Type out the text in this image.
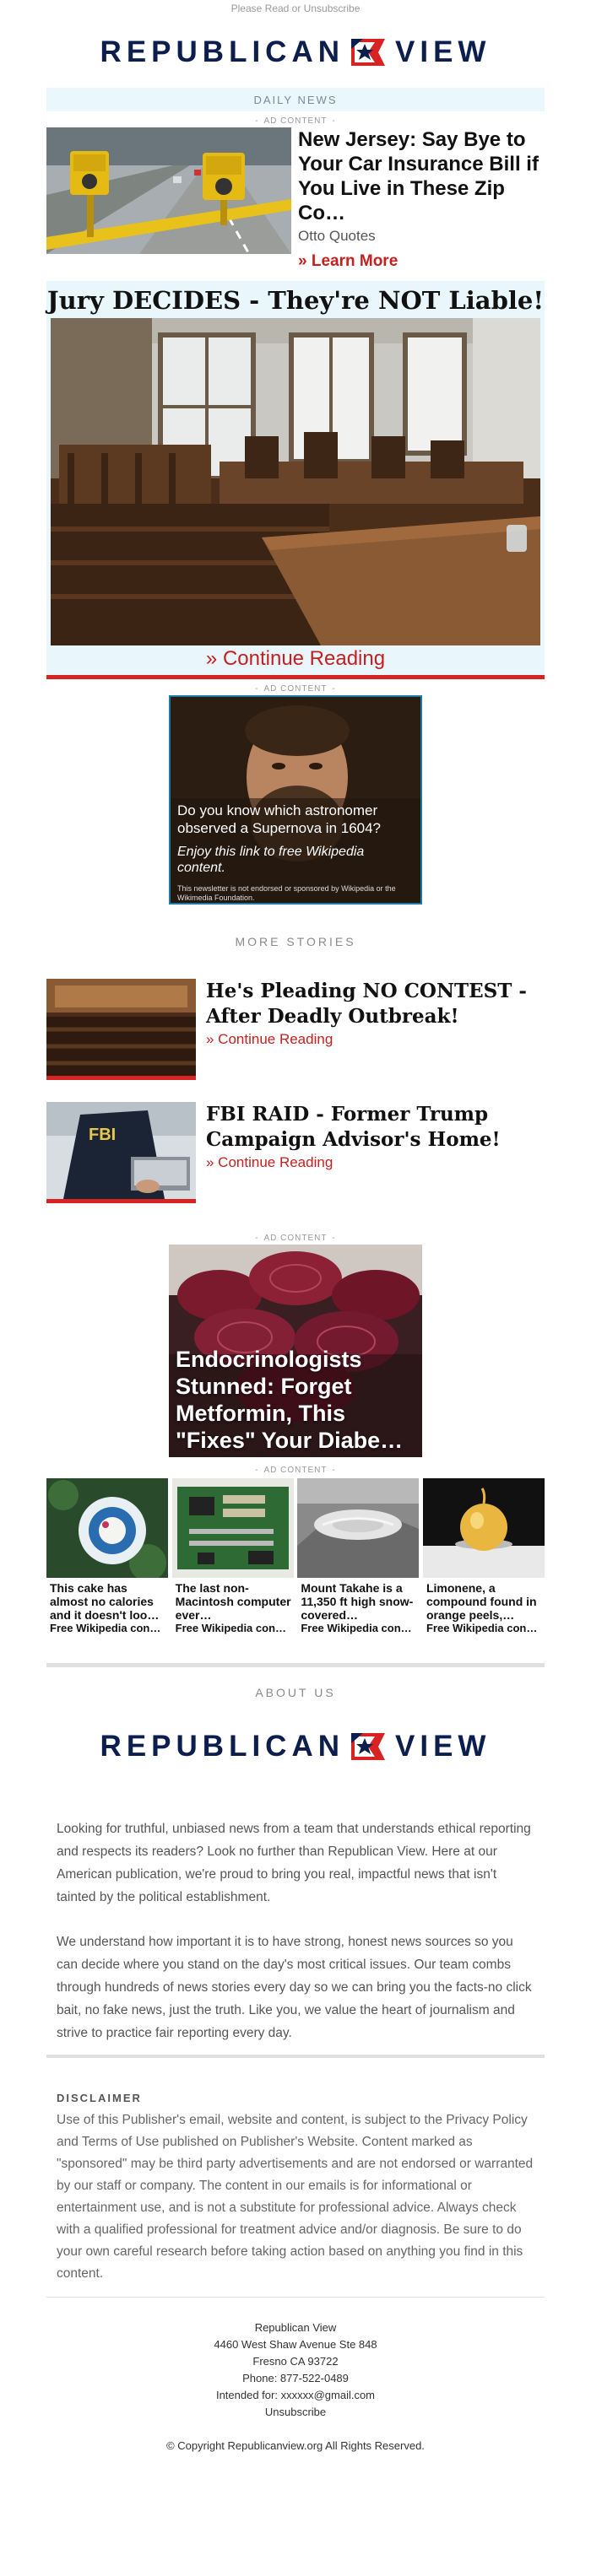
Please Read or Unsubscribe
REPUBLICAN VIEW
DAILY NEWS
- AD CONTENT -
New Jersey: Say Bye to Your Car Insurance Bill if You Live in These Zip Co…
Otto Quotes
» Learn More
Jury DECIDES - They're NOT Liable!
» Continue Reading
- AD CONTENT -
Do you know which astronomer observed a Supernova in 1604?
Enjoy this link to free Wikipedia content.
This newsletter is not endorsed or sponsored by Wikipedia or the Wikimedia Foundation.
MORE STORIES
He's Pleading NO CONTEST - After Deadly Outbreak!
» Continue Reading
FBI
FBI RAID - Former Trump Campaign Advisor's Home!
» Continue Reading
- AD CONTENT -
Endocrinologists Stunned: Forget Metformin, This "Fixes" Your Diabe…
- AD CONTENT -
This cake has almost no calories and it doesn't loo…
Free Wikipedia con…
The last non-Macintosh computer ever…
Free Wikipedia con…
Mount Takahe is a 11,350 ft high snow-covered…
Free Wikipedia con…
Limonene, a compound found in orange peels,…
Free Wikipedia con…
ABOUT US
REPUBLICAN VIEW
Looking for truthful, unbiased news from a team that understands ethical reporting and respects its readers? Look no further than Republican View. Here at our American publication, we're proud to bring you real, impactful news that isn't tainted by the political establishment.
We understand how important it is to have strong, honest news sources so you can decide where you stand on the day's most critical issues. Our team combs through hundreds of news stories every day so we can bring you the facts-no click bait, no fake news, just the truth. Like you, we value the heart of journalism and strive to practice fair reporting every day.
DISCLAIMER
Use of this Publisher's email, website and content, is subject to the Privacy Policy and Terms of Use published on Publisher's Website. Content marked as "sponsored" may be third party advertisements and are not endorsed or warranted by our staff or company. The content in our emails is for informational or entertainment use, and is not a substitute for professional advice. Always check with a qualified professional for treatment advice and/or diagnosis. Be sure to do your own careful research before taking action based on anything you find in this content.
Republican View
4460 West Shaw Avenue Ste 848
Fresno CA 93722
Phone: 877-522-0489
Intended for: xxxxxx@gmail.com
Unsubscribe
© Copyright Republicanview.org All Rights Reserved.
